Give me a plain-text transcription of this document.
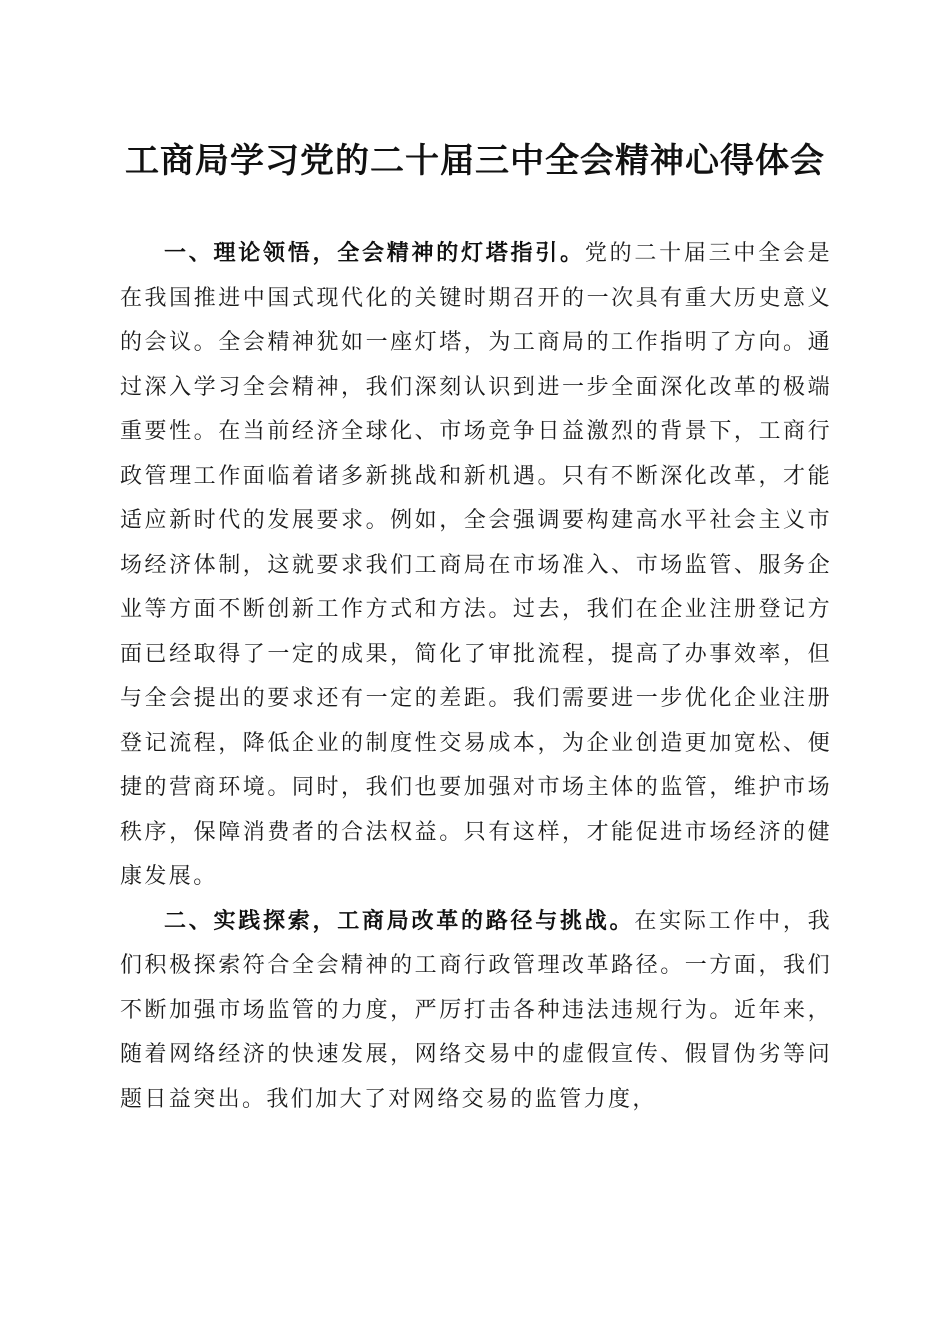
工商局学习党的二十届三中全会精神心得体会

一、理论领悟，全会精神的灯塔指引。党的二十届三中全会是在我国推进中国式现代化的关键时期召开的一次具有重大历史意义的会议。全会精神犹如一座灯塔，为工商局的工作指明了方向。通过深入学习全会精神，我们深刻认识到进一步全面深化改革的极端重要性。在当前经济全球化、市场竞争日益激烈的背景下，工商行政管理工作面临着诸多新挑战和新机遇。只有不断深化改革，才能适应新时代的发展要求。例如，全会强调要构建高水平社会主义市场经济体制，这就要求我们工商局在市场准入、市场监管、服务企业等方面不断创新工作方式和方法。过去，我们在企业注册登记方面已经取得了一定的成果，简化了审批流程，提高了办事效率，但与全会提出的要求还有一定的差距。我们需要进一步优化企业注册登记流程，降低企业的制度性交易成本，为企业创造更加宽松、便捷的营商环境。同时，我们也要加强对市场主体的监管，维护市场秩序，保障消费者的合法权益。只有这样，才能促进市场经济的健康发展。

二、实践探索，工商局改革的路径与挑战。在实际工作中，我们积极探索符合全会精神的工商行政管理改革路径。一方面，我们不断加强市场监管的力度，严厉打击各种违法违规行为。近年来，随着网络经济的快速发展，网络交易中的虚假宣传、假冒伪劣等问题日益突出。我们加大了对网络交易的监管力度，
